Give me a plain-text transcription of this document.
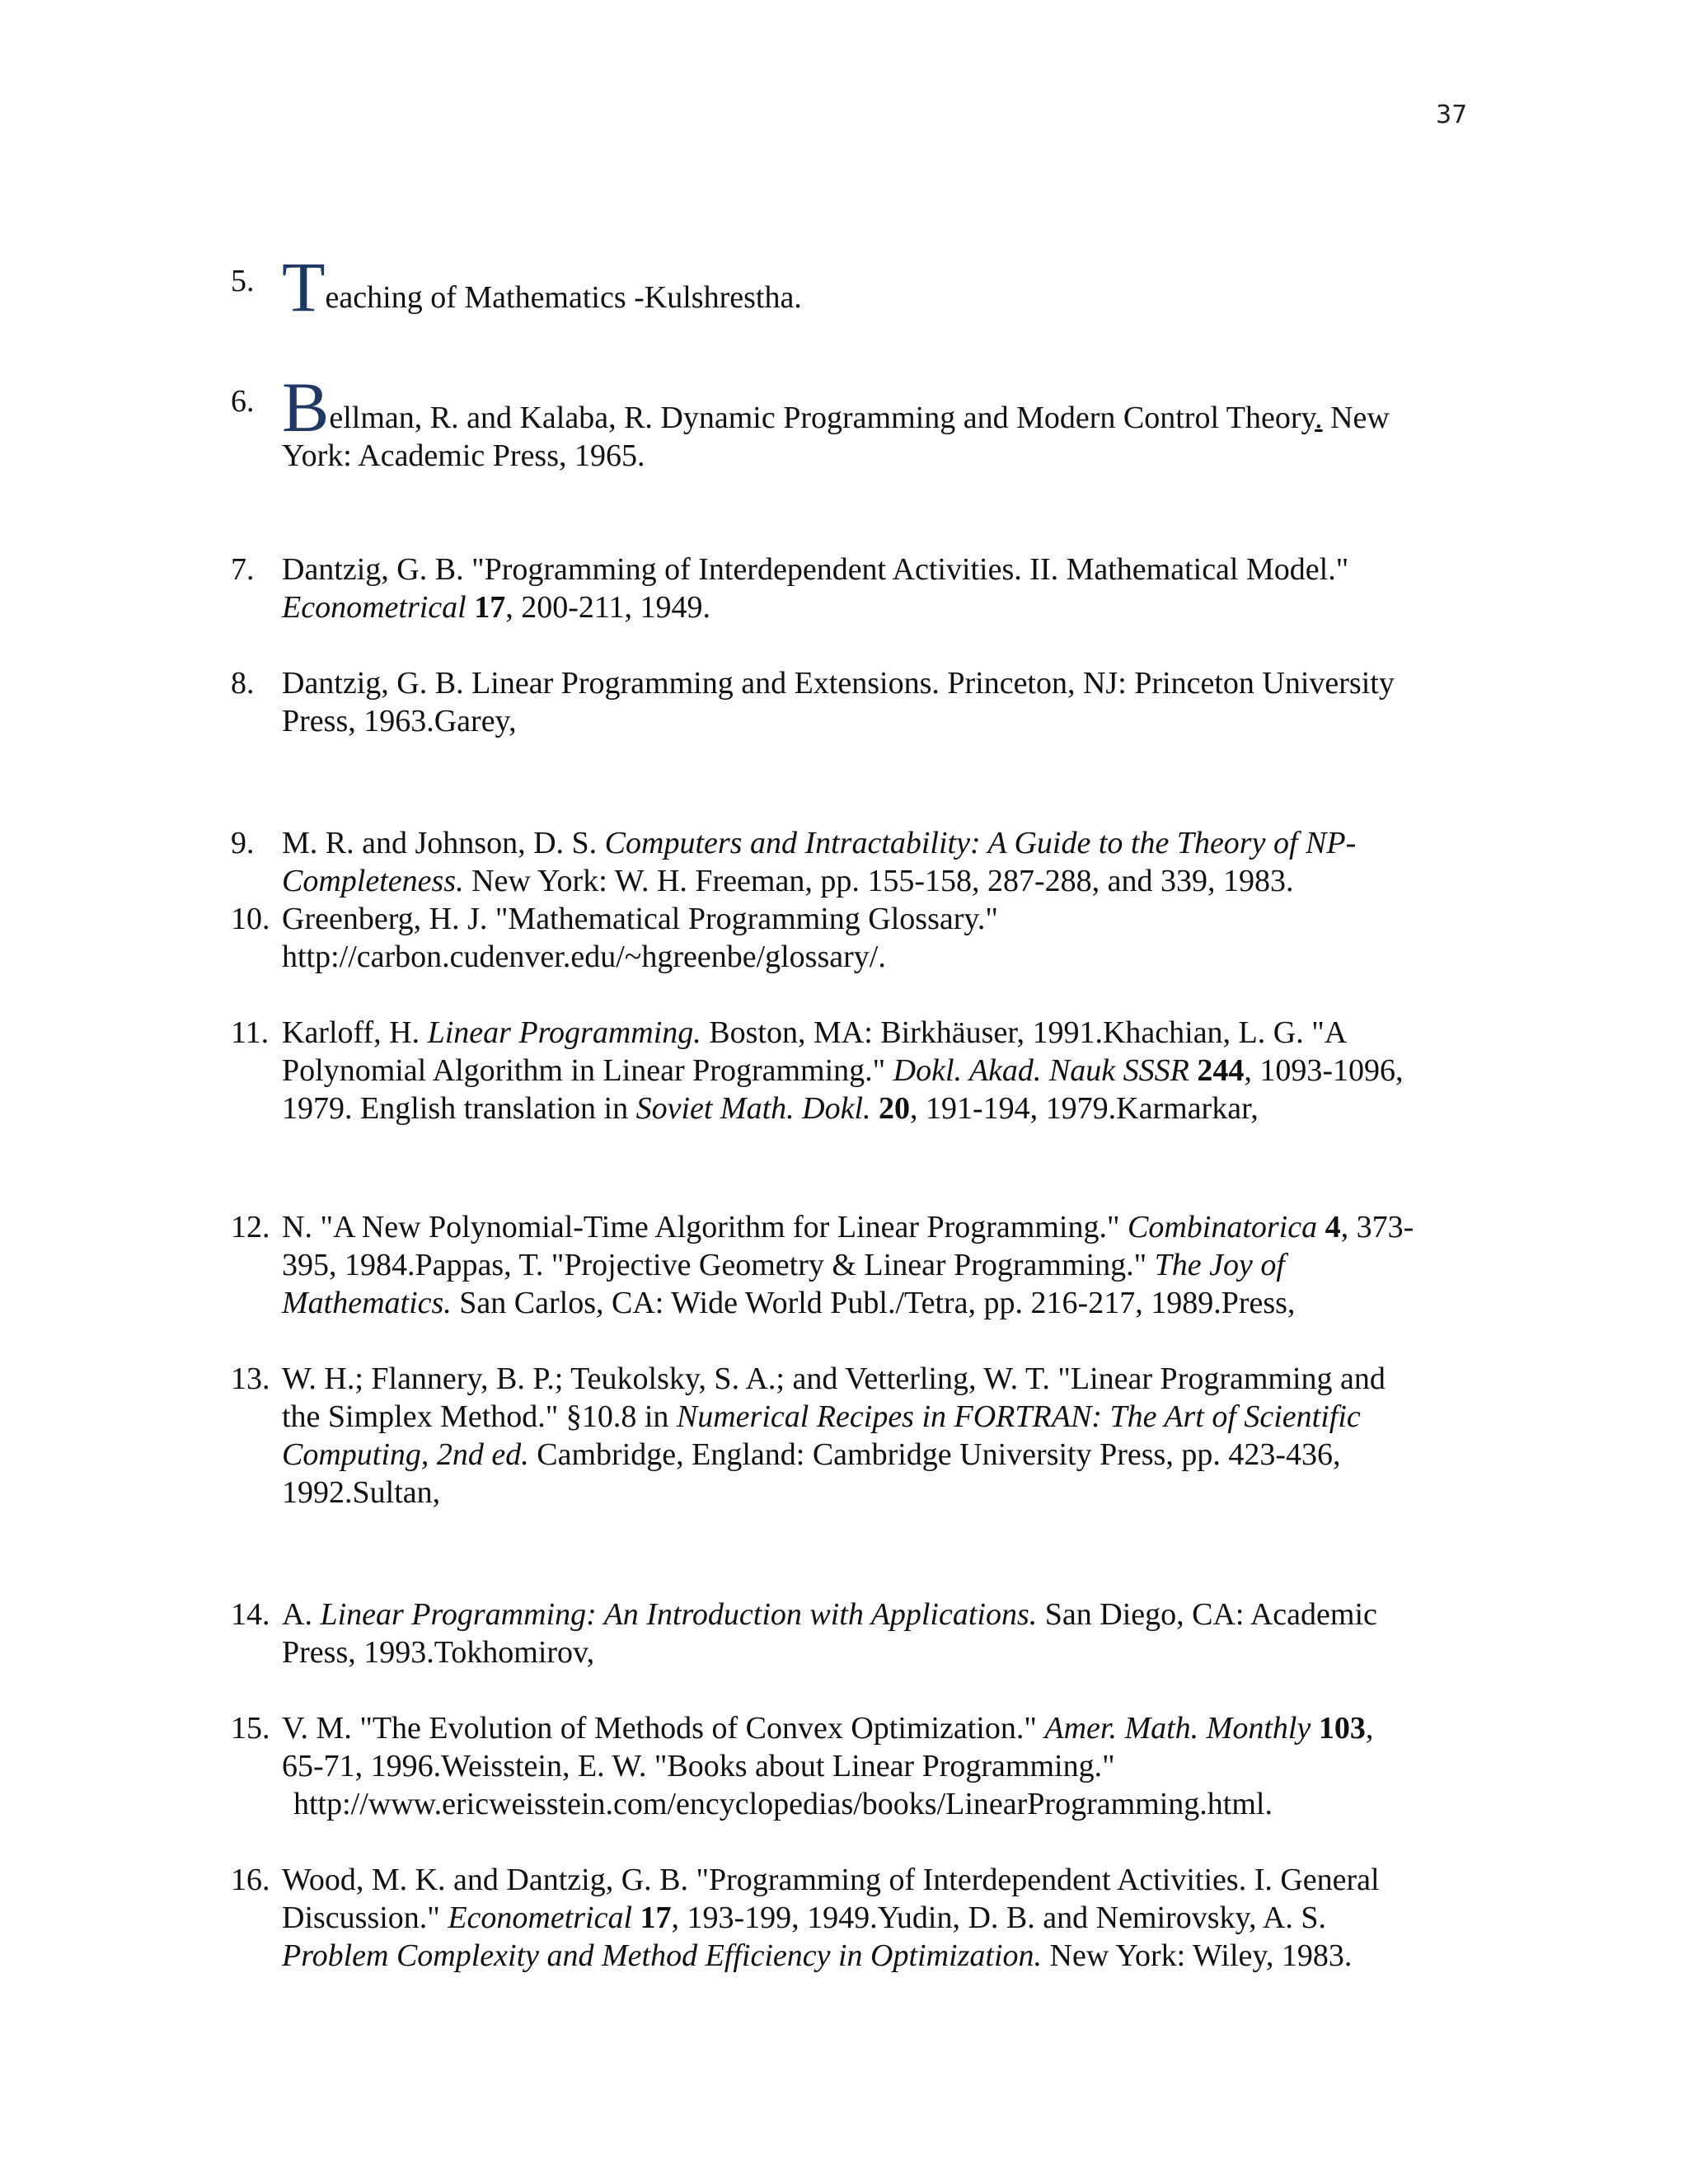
37
5. Teaching of Mathematics -Kulshrestha.
6. Bellman, R. and Kalaba, R. Dynamic Programming and Modern Control Theory. New
York: Academic Press, 1965.
7. Dantzig, G. B. "Programming of Interdependent Activities. II. Mathematical Model."
Econometrical 17, 200-211, 1949.
8. Dantzig, G. B. Linear Programming and Extensions. Princeton, NJ: Princeton University
Press, 1963.Garey,
9. M. R. and Johnson, D. S. Computers and Intractability: A Guide to the Theory of NP-
Completeness. New York: W. H. Freeman, pp. 155-158, 287-288, and 339, 1983.
10. Greenberg, H. J. "Mathematical Programming Glossary."
http://carbon.cudenver.edu/~hgreenbe/glossary/.
11. Karloff, H. Linear Programming. Boston, MA: Birkhäuser, 1991.Khachian, L. G. "A
Polynomial Algorithm in Linear Programming." Dokl. Akad. Nauk SSSR 244, 1093-1096,
1979. English translation in Soviet Math. Dokl. 20, 191-194, 1979.Karmarkar,
12. N. "A New Polynomial-Time Algorithm for Linear Programming." Combinatorica 4, 373-
395, 1984.Pappas, T. "Projective Geometry & Linear Programming." The Joy of
Mathematics. San Carlos, CA: Wide World Publ./Tetra, pp. 216-217, 1989.Press,
13. W. H.; Flannery, B. P.; Teukolsky, S. A.; and Vetterling, W. T. "Linear Programming and
the Simplex Method." §10.8 in Numerical Recipes in FORTRAN: The Art of Scientific
Computing, 2nd ed. Cambridge, England: Cambridge University Press, pp. 423-436,
1992.Sultan,
14. A. Linear Programming: An Introduction with Applications. San Diego, CA: Academic
Press, 1993.Tokhomirov,
15. V. M. "The Evolution of Methods of Convex Optimization." Amer. Math. Monthly 103,
65-71, 1996.Weisstein, E. W. "Books about Linear Programming."
http://www.ericweisstein.com/encyclopedias/books/LinearProgramming.html.
16. Wood, M. K. and Dantzig, G. B. "Programming of Interdependent Activities. I. General
Discussion." Econometrical 17, 193-199, 1949.Yudin, D. B. and Nemirovsky, A. S.
Problem Complexity and Method Efficiency in Optimization. New York: Wiley, 1983.
